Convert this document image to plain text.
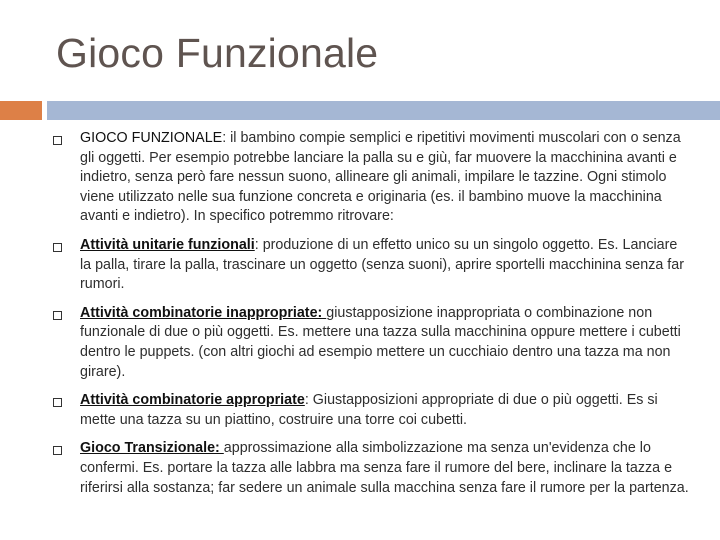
Gioco Funzionale
GIOCO FUNZIONALE: il bambino compie semplici e ripetitivi movimenti muscolari con o senza gli oggetti. Per esempio potrebbe lanciare la palla su e giù, far muovere la macchinina avanti e indietro, senza però fare nessun suono, allineare gli animali, impilare le tazzine. Ogni stimolo viene utilizzato nelle sua funzione concreta e originaria (es. il bambino muove la macchinina avanti e indietro). In specifico potremmo ritrovare:
Attività unitarie funzionali: produzione di un effetto unico su un singolo oggetto. Es. Lanciare la palla, tirare la palla, trascinare un oggetto (senza suoni), aprire sportelli macchinina senza far rumori.
Attività combinatorie inappropriate: giustapposizione inappropriata o combinazione non funzionale di due o più oggetti. Es. mettere una tazza sulla macchinina oppure mettere i cubetti dentro le puppets. (con altri giochi ad esempio mettere un cucchiaio dentro una tazza ma non girare).
Attività combinatorie appropriate: Giustapposizioni appropriate di due o più oggetti. Es si mette una tazza su un piattino, costruire una torre coi cubetti.
Gioco Transizionale: approssimazione alla simbolizzazione ma senza un'evidenza che lo confermi. Es. portare la tazza alle labbra ma senza fare il rumore del bere, inclinare la tazza e riferirsi alla sostanza; far sedere un animale sulla macchina senza fare il rumore per la partenza.
